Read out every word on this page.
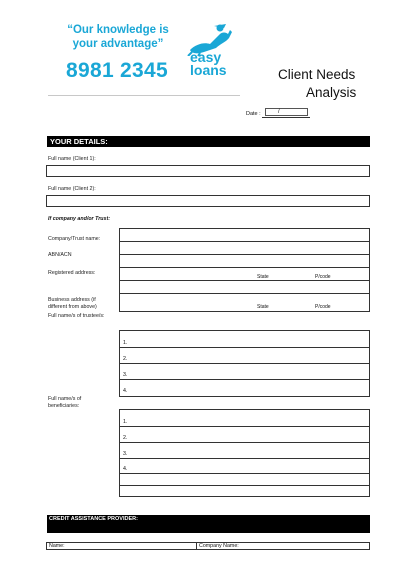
“Our knowledge is
your advantage”
8981 2345
easy
loans	Client Needs
Analysis
Date :	/
YOUR DETAILS:
Full name (Client 1):
Full name (Client 2):
If company and/or Trust:
Company/Trust name:
ABN/ACN
Registered address:
Business address (if
different from above)
State	P/code
State	P/code
Full name/s of trustee/s:
1.
2.
3.
4.
Full name/s of
beneficiaries:
1.
2.
3.
4.
CREDIT ASSISTANCE PROVIDER:
Name:	Company Name:
